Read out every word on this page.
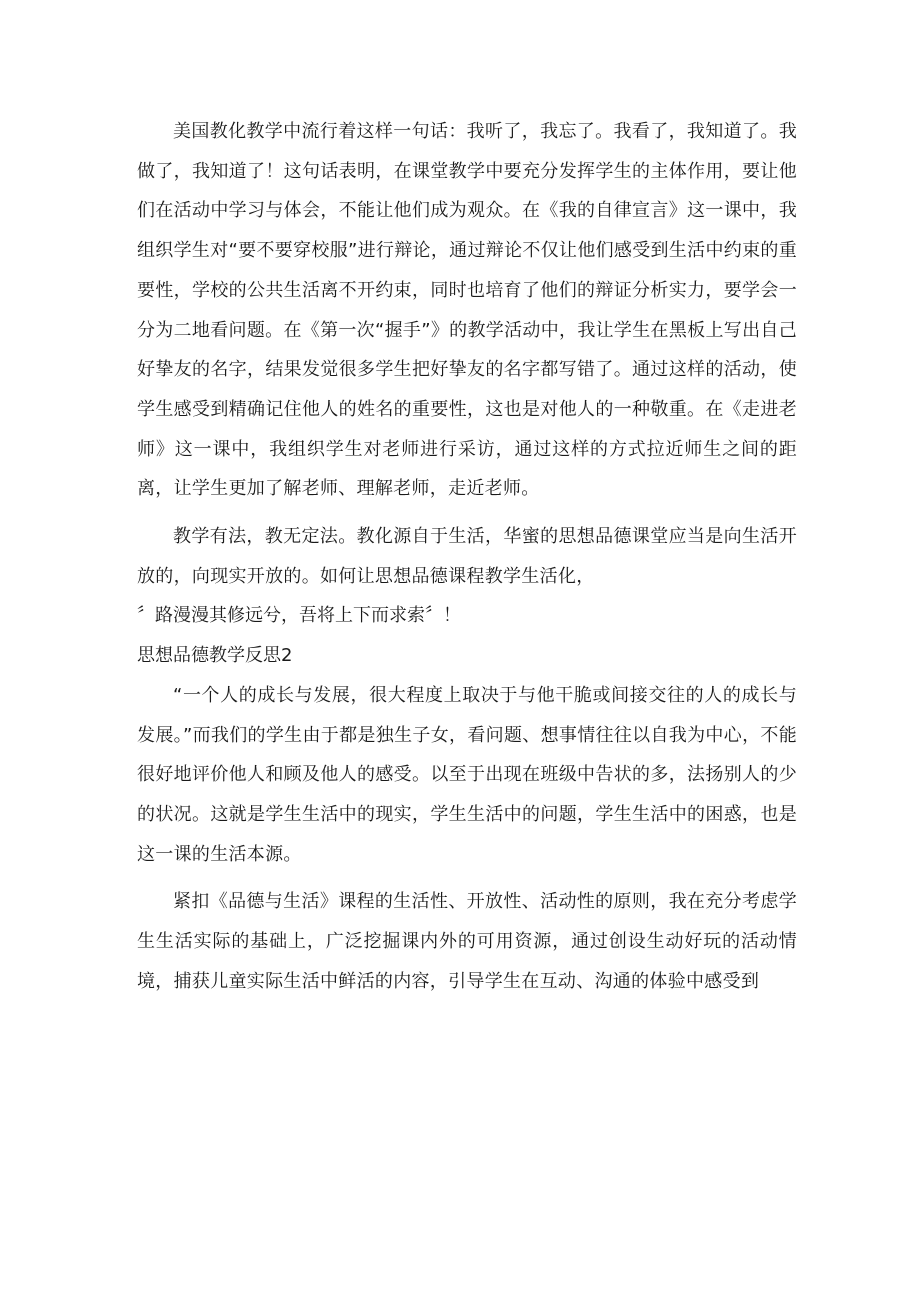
美国教化教学中流行着这样一句话：我听了，我忘了。我看了，我知道了。我做了，我知道了！这句话表明，在课堂教学中要充分发挥学生的主体作用，要让他们在活动中学习与体会，不能让他们成为观众。在《我的自律宣言》这一课中，我组织学生对“要不要穿校服”进行辩论，通过辩论不仅让他们感受到生活中约束的重要性，学校的公共生活离不开约束，同时也培育了他们的辩证分析实力，要学会一分为二地看问题。在《第一次“握手”》的教学活动中，我让学生在黑板上写出自己好挚友的名字，结果发觉很多学生把好挚友的名字都写错了。通过这样的活动，使学生感受到精确记住他人的姓名的重要性，这也是对他人的一种敬重。在《走进老师》这一课中，我组织学生对老师进行采访，通过这样的方式拉近师生之间的距离，让学生更加了解老师、理解老师，走近老师。

教学有法，教无定法。教化源自于生活，华蜜的思想品德课堂应当是向生活开放的，向现实开放的。如何让思想品德课程教学生活化，

〞路漫漫其修远兮，吾将上下而求索〞！

思想品德教学反思2

“一个人的成长与发展，很大程度上取决于与他干脆或间接交往的人的成长与发展。”而我们的学生由于都是独生子女，看问题、想事情往往以自我为中心，不能很好地评价他人和顾及他人的感受。以至于出现在班级中告状的多，法扬别人的少的状况。这就是学生生活中的现实，学生生活中的问题，学生生活中的困惑，也是这一课的生活本源。

紧扣《品德与生活》课程的生活性、开放性、活动性的原则，我在充分考虑学生生活实际的基础上，广泛挖掘课内外的可用资源，通过创设生动好玩的活动情境，捕获儿童实际生活中鲜活的内容，引导学生在互动、沟通的体验中感受到
